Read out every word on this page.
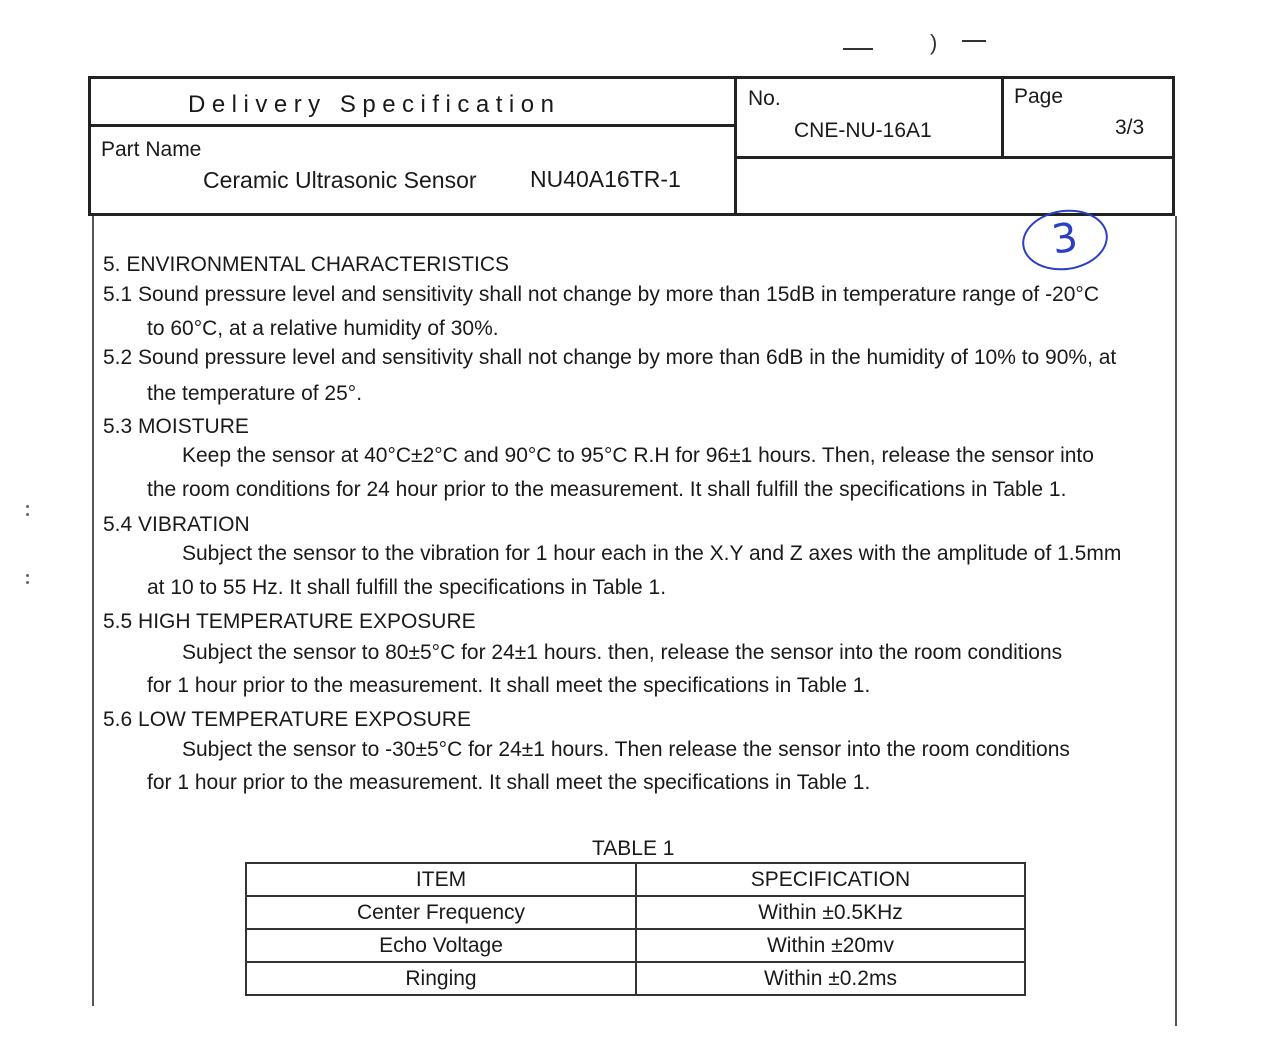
)
Delivery Specification	No.
CNE-NU-16A1
Page
3/3
Part Name
Ceramic Ultrasonic Sensor NU40A16TR-1
3
5. ENVIRONMENTAL CHARACTERISTICS
5.1 Sound pressure level and sensitivity shall not change by more than 15dB in temperature range of -20°C
to 60°C, at a relative humidity of 30%.
5.2 Sound pressure level and sensitivity shall not change by more than 6dB in the humidity of 10% to 90%, at
the temperature of 25°.
5.3 MOISTURE
Keep the sensor at 40°C±2°C and 90°C to 95°C R.H for 96±1 hours. Then, release the sensor into
the room conditions for 24 hour prior to the measurement. It shall fulfill the specifications in Table 1.
5.4 VIBRATION
Subject the sensor to the vibration for 1 hour each in the X.Y and Z axes with the amplitude of 1.5mm
at 10 to 55 Hz. It shall fulfill the specifications in Table 1.
5.5 HIGH TEMPERATURE EXPOSURE
Subject the sensor to 80±5°C for 24±1 hours. then, release the sensor into the room conditions
for 1 hour prior to the measurement. It shall meet the specifications in Table 1.
5.6 LOW TEMPERATURE EXPOSURE
Subject the sensor to -30±5°C for 24±1 hours. Then release the sensor into the room conditions
for 1 hour prior to the measurement. It shall meet the specifications in Table 1.
TABLE 1
ITEM	SPECIFICATION
Center Frequency	Within ±0.5KHz
Echo Voltage	Within ±20mv
Ringing	Within ±0.2ms
